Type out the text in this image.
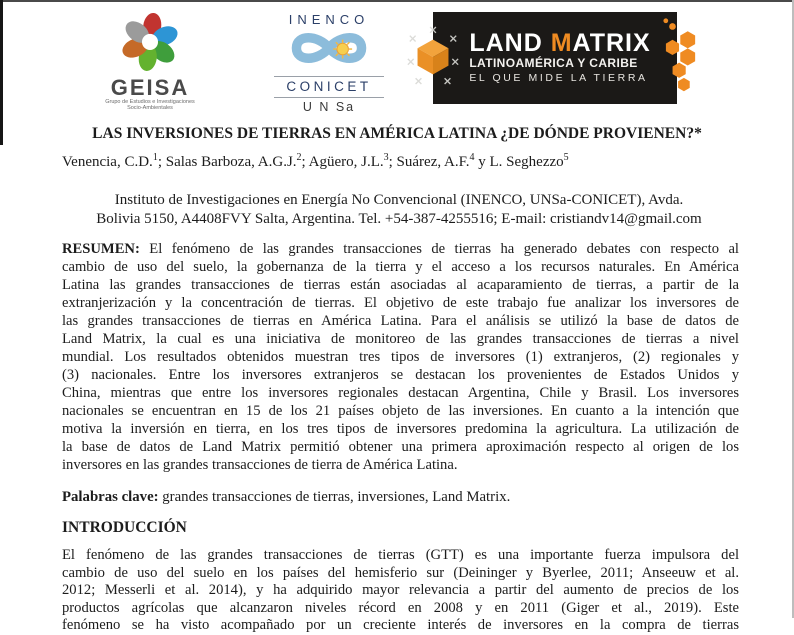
GEISA
Grupo de Estudios e Investigaciones
Socio-Ambientales
INENCO
CONICET
U N Sa
LAND MATRIX
LATINOAMÉRICA Y CARIBE
EL QUE MIDE LA TIERRA
LAS INVERSIONES DE TIERRAS EN AMÉRICA LATINA ¿DE DÓNDE PROVIENEN?*
Venencia, C.D.$^1$; Salas Barboza, A.G.J.$^2$; Agüero, J.L.$^3$; Suárez, A.F.$^4$ y L. Seghezzo$^5$
Instituto de Investigaciones en Energía No Convencional (INENCO, UNSa-CONICET), Avda.
Bolivia 5150, A4408FVY Salta, Argentina. Tel. +54-387-4255516; E-mail: cristiandv14@gmail.com
RESUMEN: El fenómeno de las grandes transacciones de tierras ha generado debates con respecto al
cambio de uso del suelo, la gobernanza de la tierra y el acceso a los recursos naturales. En América
Latina las grandes transacciones de tierras están asociadas al acaparamiento de tierras, a partir de la
extranjerización y la concentración de tierras. El objetivo de este trabajo fue analizar los inversores de
las grandes transacciones de tierras en América Latina. Para el análisis se utilizó la base de datos de
Land Matrix, la cual es una iniciativa de monitoreo de las grandes transacciones de tierras a nivel
mundial. Los resultados obtenidos muestran tres tipos de inversores (1) extranjeros, (2) regionales y
(3) nacionales. Entre los inversores extranjeros se destacan los provenientes de Estados Unidos y
China, mientras que entre los inversores regionales destacan Argentina, Chile y Brasil. Los inversores
nacionales se encuentran en 15 de los 21 países objeto de las inversiones. En cuanto a la intención que
motiva la inversión en tierra, en los tres tipos de inversores predomina la agricultura. La utilización de
la base de datos de Land Matrix permitió obtener una primera aproximación respecto al origen de los
inversores en las grandes transacciones de tierra de América Latina.
Palabras clave: grandes transacciones de tierras, inversiones, Land Matrix.
INTRODUCCIÓN
El fenómeno de las grandes transacciones de tierras (GTT) es una importante fuerza impulsora del
cambio de uso del suelo en los países del hemisferio sur (Deininger y Byerlee, 2011; Anseeuw et al.
2012; Messerli et al. 2014), y ha adquirido mayor relevancia a partir del aumento de precios de los
productos agrícolas que alcanzaron niveles récord en 2008 y en 2011 (Giger et al., 2019). Este
fenómeno se ha visto acompañado por un creciente interés de inversores en la compra de tierras
